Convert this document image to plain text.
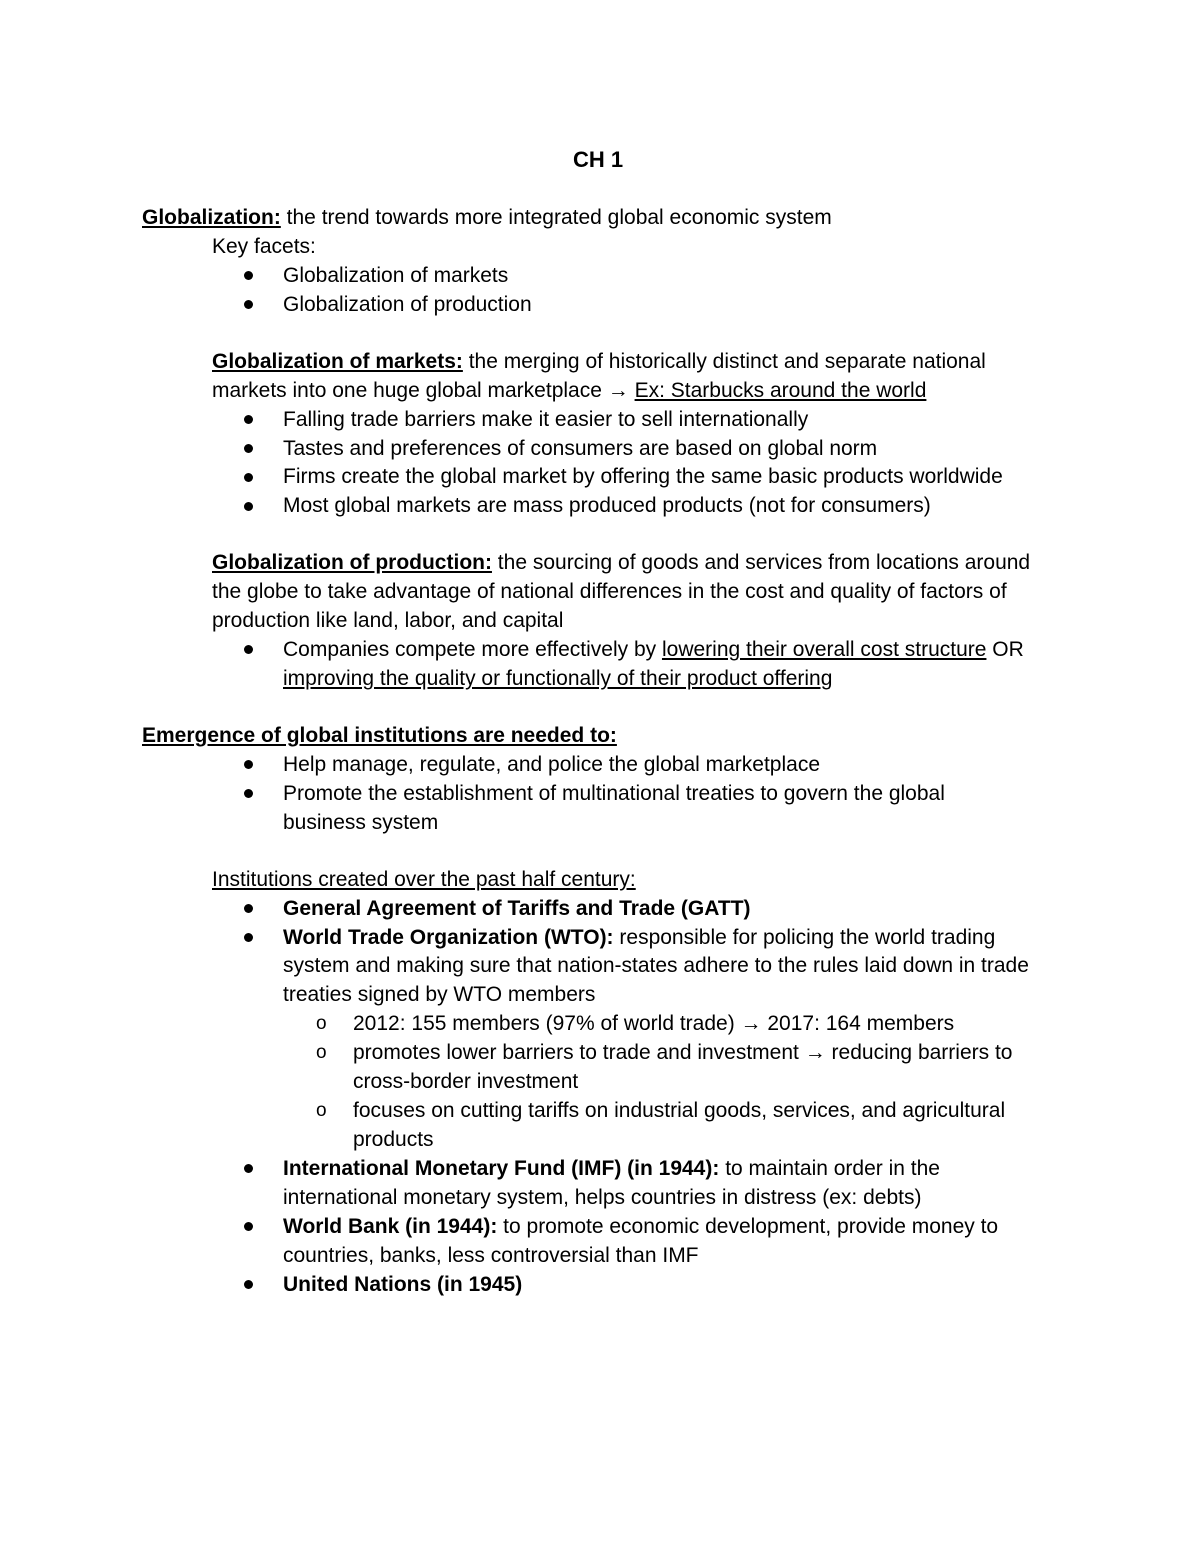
CH 1
Globalization: the trend towards more integrated global economic system
Key facets:
Globalization of markets
Globalization of production
Globalization of markets: the merging of historically distinct and separate national
markets into one huge global marketplace → Ex: Starbucks around the world
Falling trade barriers make it easier to sell internationally
Tastes and preferences of consumers are based on global norm
Firms create the global market by offering the same basic products worldwide
Most global markets are mass produced products (not for consumers)
Globalization of production: the sourcing of goods and services from locations around
the globe to take advantage of national differences in the cost and quality of factors of
production like land, labor, and capital
Companies compete more effectively by lowering their overall cost structure OR
improving the quality or functionally of their product offering
Emergence of global institutions are needed to:
Help manage, regulate, and police the global marketplace
Promote the establishment of multinational treaties to govern the global
business system
Institutions created over the past half century:
General Agreement of Tariffs and Trade (GATT)
World Trade Organization (WTO): responsible for policing the world trading
system and making sure that nation-states adhere to the rules laid down in trade
treaties signed by WTO members
o 2012: 155 members (97% of world trade) → 2017: 164 members
o promotes lower barriers to trade and investment → reducing barriers to
cross-border investment
o focuses on cutting tariffs on industrial goods, services, and agricultural
products
International Monetary Fund (IMF) (in 1944): to maintain order in the
international monetary system, helps countries in distress (ex: debts)
World Bank (in 1944): to promote economic development, provide money to
countries, banks, less controversial than IMF
United Nations (in 1945)
